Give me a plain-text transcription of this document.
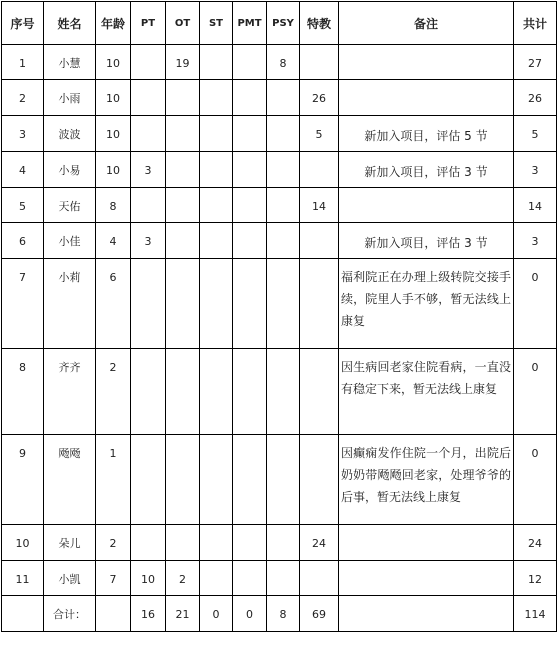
序号	姓名	年龄	PT	OT	ST	PMT	PSY	特教	备注	共计

1	小慧	10		19			8			27

2	小雨	10						26		26

3	波波	10						5	新加入项目，评估 5 节	5

4	小易	10	3						新加入项目，评估 3 节	3

5	天佑	8						14		14

6	小佳	4	3						新加入项目，评估 3 节	3

7	小莉	6							福利院正在办理上级转院交接手续，院里人手不够，暂无法线上康复	0

8	齐齐	2							因生病回老家住院看病，一直没有稳定下来，暂无法线上康复	0

9	飏飏	1							因癫痫发作住院一个月，出院后奶奶带飏飏回老家，处理爷爷的后事，暂无法线上康复	0

10	朵儿	2						24		24

11	小凯	7	10	2						12

	合计：		16	21	0	0	8	69		114
